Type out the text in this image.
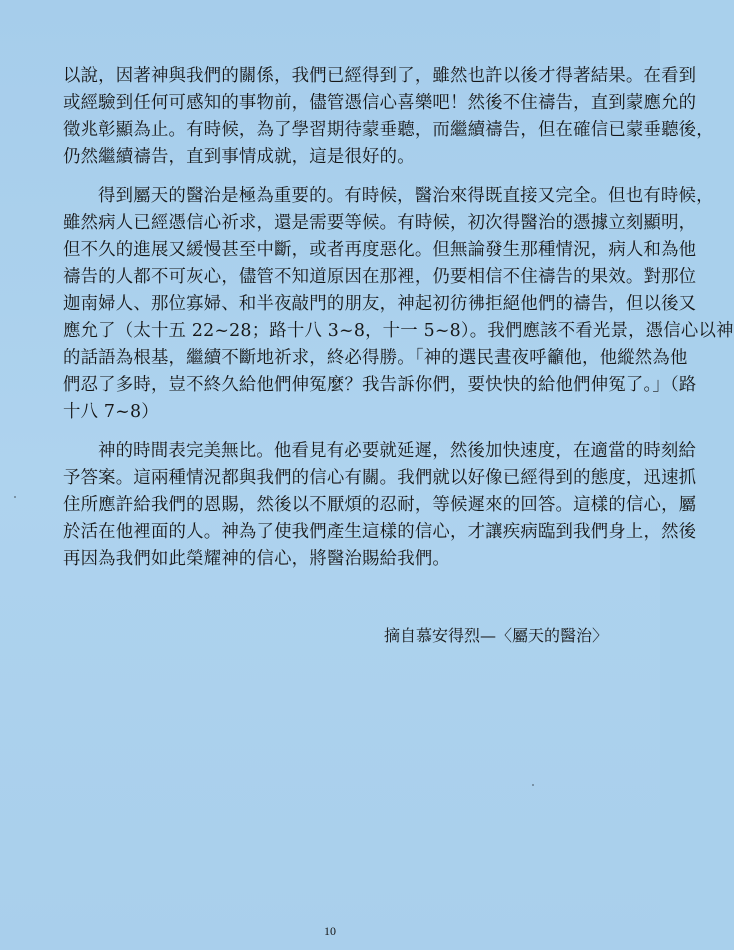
以說，因著神與我們的關係，我們已經得到了，雖然也許以後才得著結果。在看到
或經驗到任何可感知的事物前，儘管憑信心喜樂吧！然後不住禱告，直到蒙應允的
徵兆彰顯為止。有時候，為了學習期待蒙垂聽，而繼續禱告，但在確信已蒙垂聽後，
仍然繼續禱告，直到事情成就，這是很好的。
得到屬天的醫治是極為重要的。有時候，醫治來得既直接又完全。但也有時候，
雖然病人已經憑信心祈求，還是需要等候。有時候，初次得醫治的憑據立刻顯明，
但不久的進展又緩慢甚至中斷，或者再度惡化。但無論發生那種情況，病人和為他
禱告的人都不可灰心，儘管不知道原因在那裡，仍要相信不住禱告的果效。對那位
迦南婦人、那位寡婦、和半夜敲門的朋友，神起初彷彿拒絕他們的禱告，但以後又
應允了（太十五 22~28；路十八 3~8，十一 5~8）。我們應該不看光景，憑信心以神
的話語為根基，繼續不斷地祈求，終必得勝。「神的選民晝夜呼籲他，他縱然為他
們忍了多時，豈不終久給他們伸冤麼？我告訴你們，要快快的給他們伸冤了。」（路
十八 7~8）
神的時間表完美無比。他看見有必要就延遲，然後加快速度，在適當的時刻給
予答案。這兩種情況都與我們的信心有關。我們就以好像已經得到的態度，迅速抓
住所應許給我們的恩賜，然後以不厭煩的忍耐，等候遲來的回答。這樣的信心，屬
於活在他裡面的人。神為了使我們產生這樣的信心，才讓疾病臨到我們身上，然後
再因為我們如此榮耀神的信心，將醫治賜給我們。
摘自慕安得烈—〈屬天的醫治〉
10
